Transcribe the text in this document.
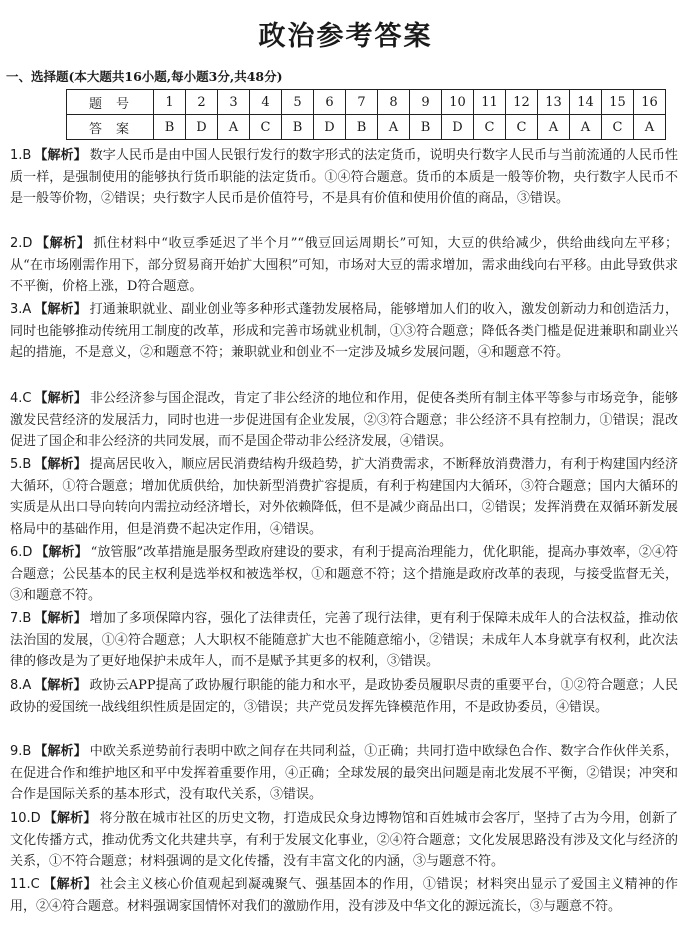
政治参考答案
一、选择题(本大题共16小题,每小题3分,共48分)
题号	1	2	3	4	5	6	7	8	9	10	11	12	13	14	15	16
答案	B	D	A	C	B	D	B	A	B	D	C	C	A	A	C	A
1.B 【解析】 数字人民币是由中国人民银行发行的数字形式的法定货币，说明央行数字人民币与当前流通的人民币性质一样，是强制使用的能够执行货币职能的法定货币。①④符合题意。货币的本质是一般等价物，央行数字人民币不是一般等价物，②错误；央行数字人民币是价值符号，不是具有价值和使用价值的商品，③错误。
2.D 【解析】 抓住材料中“收豆季延迟了半个月”“俄豆回运周期长”可知，大豆的供给减少，供给曲线向左平移；从“在市场刚需作用下，部分贸易商开始扩大囤积”可知，市场对大豆的需求增加，需求曲线向右平移。由此导致供求不平衡，价格上涨，D符合题意。
3.A 【解析】 打通兼职就业、副业创业等多种形式蓬勃发展格局，能够增加人们的收入，激发创新动力和创造活力，同时也能够推动传统用工制度的改革，形成和完善市场就业机制，①③符合题意；降低各类门槛是促进兼职和副业兴起的措施，不是意义，②和题意不符；兼职就业和创业不一定涉及城乡发展问题，④和题意不符。
4.C 【解析】 非公经济参与国企混改，肯定了非公经济的地位和作用，促使各类所有制主体平等参与市场竞争，能够激发民营经济的发展活力，同时也进一步促进国有企业发展，②③符合题意；非公经济不具有控制力，①错误；混改促进了国企和非公经济的共同发展，而不是国企带动非公经济发展，④错误。
5.B 【解析】 提高居民收入，顺应居民消费结构升级趋势，扩大消费需求，不断释放消费潜力，有利于构建国内经济大循环，①符合题意；增加优质供给，加快新型消费扩容提质，有利于构建国内大循环，③符合题意；国内大循环的实质是从出口导向转向内需拉动经济增长，对外依赖降低，但不是减少商品出口，②错误；发挥消费在双循环新发展格局中的基础作用，但是消费不起决定作用，④错误。
6.D 【解析】 “放管服”改革措施是服务型政府建设的要求，有利于提高治理能力，优化职能，提高办事效率，②④符合题意；公民基本的民主权利是选举权和被选举权，①和题意不符；这个措施是政府改革的表现，与接受监督无关，③和题意不符。
7.B 【解析】 增加了多项保障内容，强化了法律责任，完善了现行法律，更有利于保障未成年人的合法权益，推动依法治国的发展，①④符合题意；人大职权不能随意扩大也不能随意缩小，②错误；未成年人本身就享有权利，此次法律的修改是为了更好地保护未成年人，而不是赋予其更多的权利，③错误。
8.A 【解析】 政协云APP提高了政协履行职能的能力和水平，是政协委员履职尽责的重要平台，①②符合题意；人民政协的爱国统一战线组织性质是固定的，③错误；共产党员发挥先锋模范作用，不是政协委员，④错误。
9.B 【解析】 中欧关系逆势前行表明中欧之间存在共同利益，①正确；共同打造中欧绿色合作、数字合作伙伴关系，在促进合作和维护地区和平中发挥着重要作用，④正确；全球发展的最突出问题是南北发展不平衡，②错误；冲突和合作是国际关系的基本形式，没有取代关系，③错误。
10.D 【解析】 将分散在城市社区的历史文物，打造成民众身边博物馆和百姓城市会客厅，坚持了古为今用，创新了文化传播方式，推动优秀文化共建共享，有利于发展文化事业，②④符合题意；文化发展思路没有涉及文化与经济的关系，①不符合题意；材料强调的是文化传播，没有丰富文化的内涵，③与题意不符。
11.C 【解析】 社会主义核心价值观起到凝魂聚气、强基固本的作用，①错误；材料突出显示了爱国主义精神的作用，②④符合题意。材料强调家国情怀对我们的激励作用，没有涉及中华文化的源远流长，③与题意不符。
